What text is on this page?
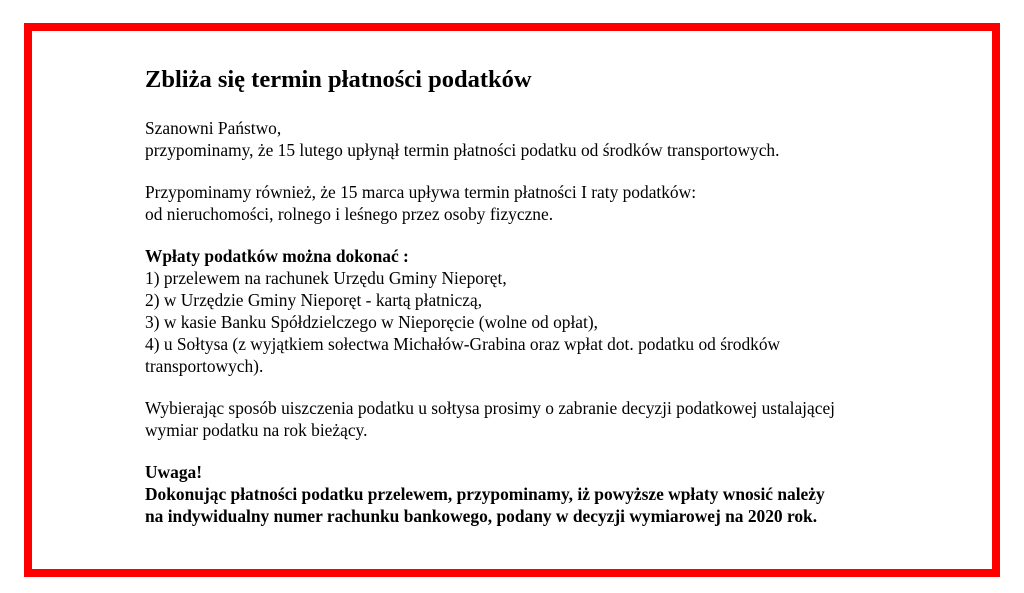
Zbliża się termin płatności podatków

Szanowni Państwo,

przypominamy, że 15 lutego upłynął termin płatności podatku od środków transportowych.

Przypominamy również, że 15 marca upływa termin płatności I raty podatków:

od nieruchomości, rolnego i leśnego przez osoby fizyczne.

Wpłaty podatków można dokonać :

1) przelewem na rachunek Urzędu Gminy Nieporęt,

2) w Urzędzie Gminy Nieporęt - kartą płatniczą,

3) w kasie Banku Spółdzielczego w Nieporęcie (wolne od opłat),

4) u Sołtysa (z wyjątkiem sołectwa Michałów-Grabina oraz wpłat dot. podatku od środków

transportowych).

Wybierając sposób uiszczenia podatku u sołtysa prosimy o zabranie decyzji podatkowej ustalającej

wymiar podatku na rok bieżący.

Uwaga!

Dokonując płatności podatku przelewem, przypominamy, iż powyższe wpłaty wnosić należy

na indywidualny numer rachunku bankowego, podany w decyzji wymiarowej na 2020 rok.
